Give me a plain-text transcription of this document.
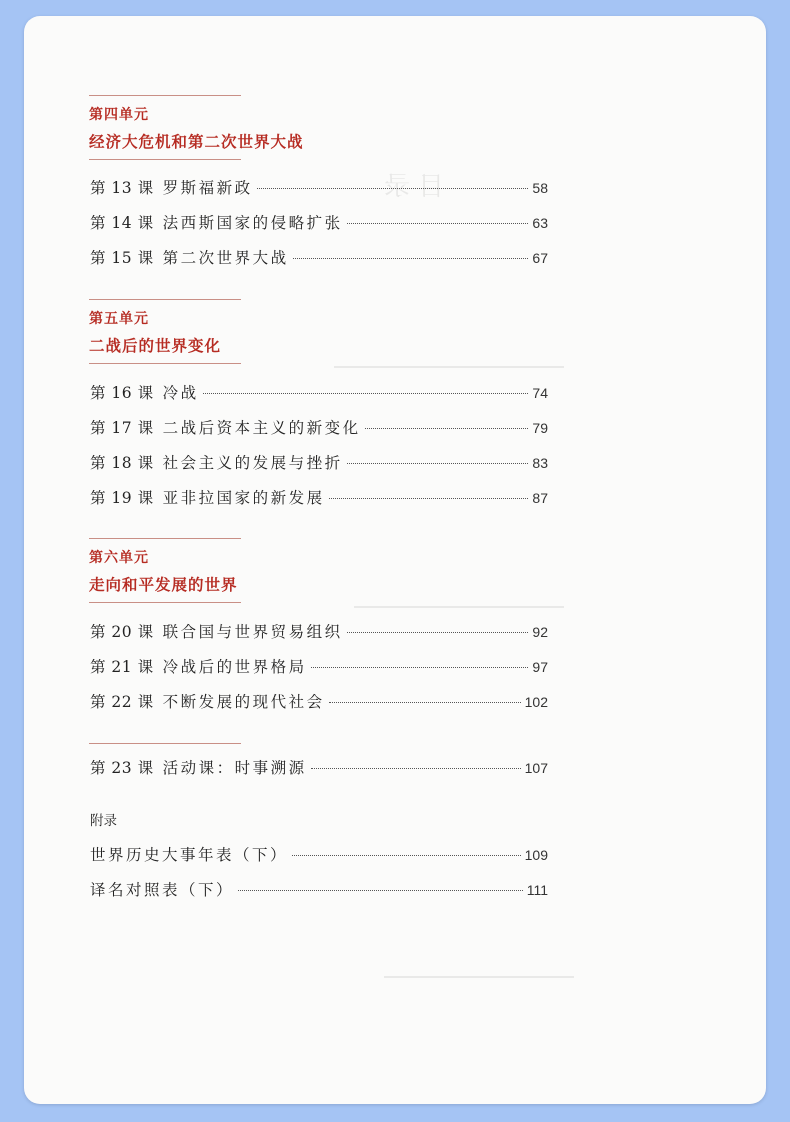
目 录
第四单元
经济大危机和第二次世界大战
第 13 课 罗斯福新政	58
第 14 课 法西斯国家的侵略扩张	63
第 15 课 第二次世界大战	67
第五单元
二战后的世界变化
第 16 课 冷战	74
第 17 课 二战后资本主义的新变化	79
第 18 课 社会主义的发展与挫折	83
第 19 课 亚非拉国家的新发展	87
第六单元
走向和平发展的世界
第 20 课 联合国与世界贸易组织	92
第 21 课 冷战后的世界格局	97
第 22 课 不断发展的现代社会	102
第 23 课 活动课：时事溯源	107
附录
世界历史大事年表（下）	109
译名对照表（下）	111
